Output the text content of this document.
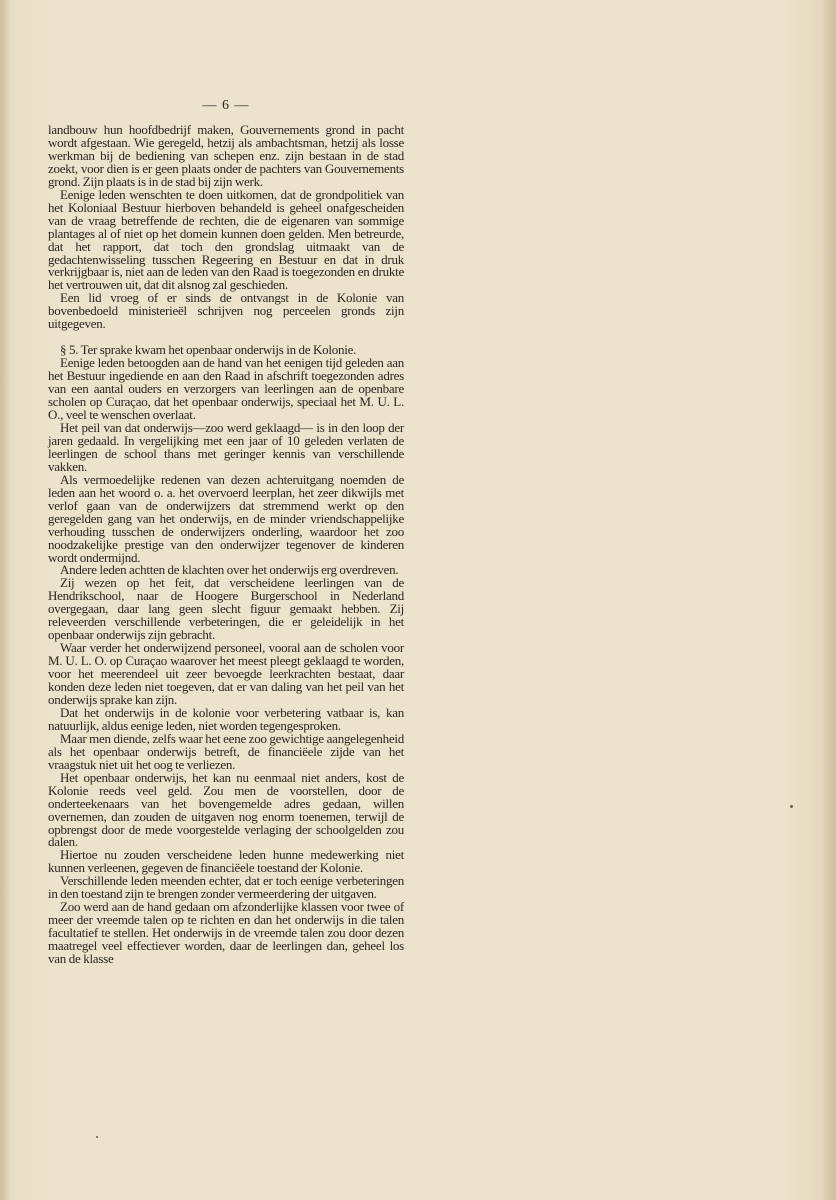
— 6 —

landbouw hun hoofdbedrijf maken, Gouvernements grond in pacht wordt afgestaan. Wie geregeld, hetzij als ambachtsman, hetzij als losse werkman bij de bediening van schepen enz. zijn bestaan in de stad zoekt, voor dien is er geen plaats onder de pachters van Gouvernements grond. Zijn plaats is in de stad bij zijn werk.

Eenige leden wenschten te doen uitkomen, dat de grondpolitiek van het Koloniaal Bestuur hierboven behandeld is geheel onafgescheiden van de vraag betreffende de rechten, die de eigenaren van sommige plantages al of niet op het domein kunnen doen gelden. Men betreurde, dat het rapport, dat toch den grondslag uitmaakt van de gedachtenwisseling tusschen Regeering en Bestuur en dat in druk verkrijgbaar is, niet aan de leden van den Raad is toegezonden en drukte het vertrouwen uit, dat dit alsnog zal geschieden.

Een lid vroeg of er sinds de ontvangst in de Kolonie van bovenbedoeld ministerieël schrijven nog perceelen gronds zijn uitgegeven.

§ 5. Ter sprake kwam het openbaar onderwijs in de Kolonie.

Eenige leden betoogden aan de hand van het eenigen tijd geleden aan het Bestuur ingediende en aan den Raad in afschrift toegezonden adres van een aantal ouders en verzorgers van leerlingen aan de openbare scholen op Curaçao, dat het openbaar onderwijs, speciaal het M. U. L. O., veel te wenschen overlaat.

Het peil van dat onderwijs—zoo werd geklaagd— is in den loop der jaren gedaald. In vergelijking met een jaar of 10 geleden verlaten de leerlingen de school thans met geringer kennis van verschillende vakken.

Als vermoedelijke redenen van dezen achteruitgang noemden de leden aan het woord o. a. het overvoerd leerplan, het zeer dikwijls met verlof gaan van de onderwijzers dat stremmend werkt op den geregelden gang van het onderwijs, en de minder vriendschappelijke verhouding tusschen de onderwijzers onderling, waardoor het zoo noodzakelijke prestige van den onderwijzer tegenover de kinderen wordt ondermijnd.

Andere leden achtten de klachten over het onderwijs erg overdreven.

Zij wezen op het feit, dat verscheidene leerlingen van de Hendrikschool, naar de Hoogere Burgerschool in Nederland overgegaan, daar lang geen slecht figuur gemaakt hebben. Zij releveerden verschillende verbeteringen, die er geleidelijk in het openbaar onderwijs zijn gebracht.

Waar verder het onderwijzend personeel, vooral aan de scholen voor M. U. L. O. op Curaçao waarover het meest pleegt geklaagd te worden, voor het meerendeel uit zeer bevoegde leerkrachten bestaat, daar konden deze leden niet toegeven, dat er van daling van het peil van het onderwijs sprake kan zijn.

Dat het onderwijs in de kolonie voor verbetering vatbaar is, kan natuurlijk, aldus eenige leden, niet worden tegengesproken.

Maar men diende, zelfs waar het eene zoo gewichtige aangelegenheid als het openbaar onderwijs betreft, de financiëele zijde van het vraagstuk niet uit het oog te verliezen.

Het openbaar onderwijs, het kan nu eenmaal niet anders, kost de Kolonie reeds veel geld. Zou men de voorstellen, door de onderteekenaars van het bovengemelde adres gedaan, willen overnemen, dan zouden de uitgaven nog enorm toenemen, terwijl de opbrengst door de mede voorgestelde verlaging der schoolgelden zou dalen.

Hiertoe nu zouden verscheidene leden hunne medewerking niet kunnen verleenen, gegeven de financiëele toestand der Kolonie.

Verschillende leden meenden echter, dat er toch eenige verbeteringen in den toestand zijn te brengen zonder vermeerdering der uitgaven.

Zoo werd aan de hand gedaan om afzonderlijke klassen voor twee of meer der vreemde talen op te richten en dan het onderwijs in die talen facultatief te stellen. Het onderwijs in de vreemde talen zou door dezen maatregel veel effectiever worden, daar de leerlingen dan, geheel los van de klasse
